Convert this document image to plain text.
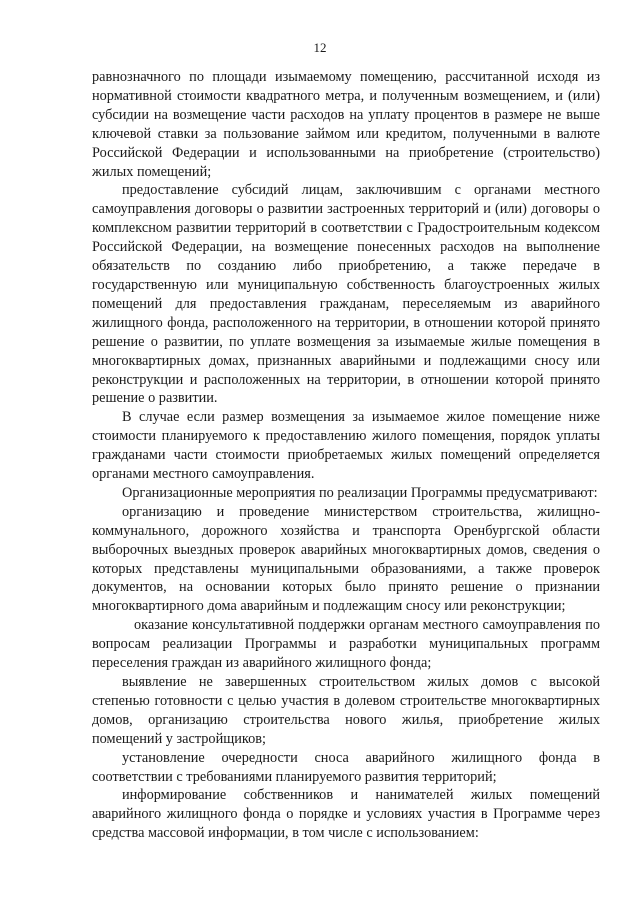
12

равнозначного по площади изымаемому помещению, рассчитанной исходя из нормативной стоимости квадратного метра, и полученным возмещением, и (или) субсидии на возмещение части расходов на уплату процентов в размере не выше ключевой ставки за пользование займом или кредитом, полученными в валюте Российской Федерации и использованными на приобретение (строительство) жилых помещений;

предоставление субсидий лицам, заключившим с органами местного самоуправления договоры о развитии застроенных территорий и (или) договоры о комплексном развитии территорий в соответствии с Градостроительным кодексом Российской Федерации, на возмещение понесенных расходов на выполнение обязательств по созданию либо приобретению, а также передаче в государственную или муниципальную собственность благоустроенных жилых помещений для предоставления гражданам, переселяемым из аварийного жилищного фонда, расположенного на территории, в отношении которой принято решение о развитии, по уплате возмещения за изымаемые жилые помещения в многоквартирных домах, признанных аварийными и подлежащими сносу или реконструкции и расположенных на территории, в отношении которой принято решение о развитии.

В случае если размер возмещения за изымаемое жилое помещение ниже стоимости планируемого к предоставлению жилого помещения, порядок уплаты гражданами части стоимости приобретаемых жилых помещений определяется органами местного самоуправления.

Организационные мероприятия по реализации Программы предусматривают:

организацию и проведение министерством строительства, жилищно-коммунального, дорожного хозяйства и транспорта Оренбургской области выборочных выездных проверок аварийных многоквартирных домов, сведения о которых представлены муниципальными образованиями, а также проверок документов, на основании которых было принято решение о признании многоквартирного дома аварийным и подлежащим сносу или реконструкции;

оказание консультативной поддержки органам местного самоуправления по вопросам реализации Программы и разработки муниципальных программ переселения граждан из аварийного жилищного фонда;

выявление не завершенных строительством жилых домов с высокой степенью готовности с целью участия в долевом строительстве многоквартирных домов, организацию строительства нового жилья, приобретение жилых помещений у застройщиков;

установление очередности сноса аварийного жилищного фонда в соответствии с требованиями планируемого развития территорий;

информирование собственников и нанимателей жилых помещений аварийного жилищного фонда о порядке и условиях участия в Программе через средства массовой информации, в том числе с использованием:
